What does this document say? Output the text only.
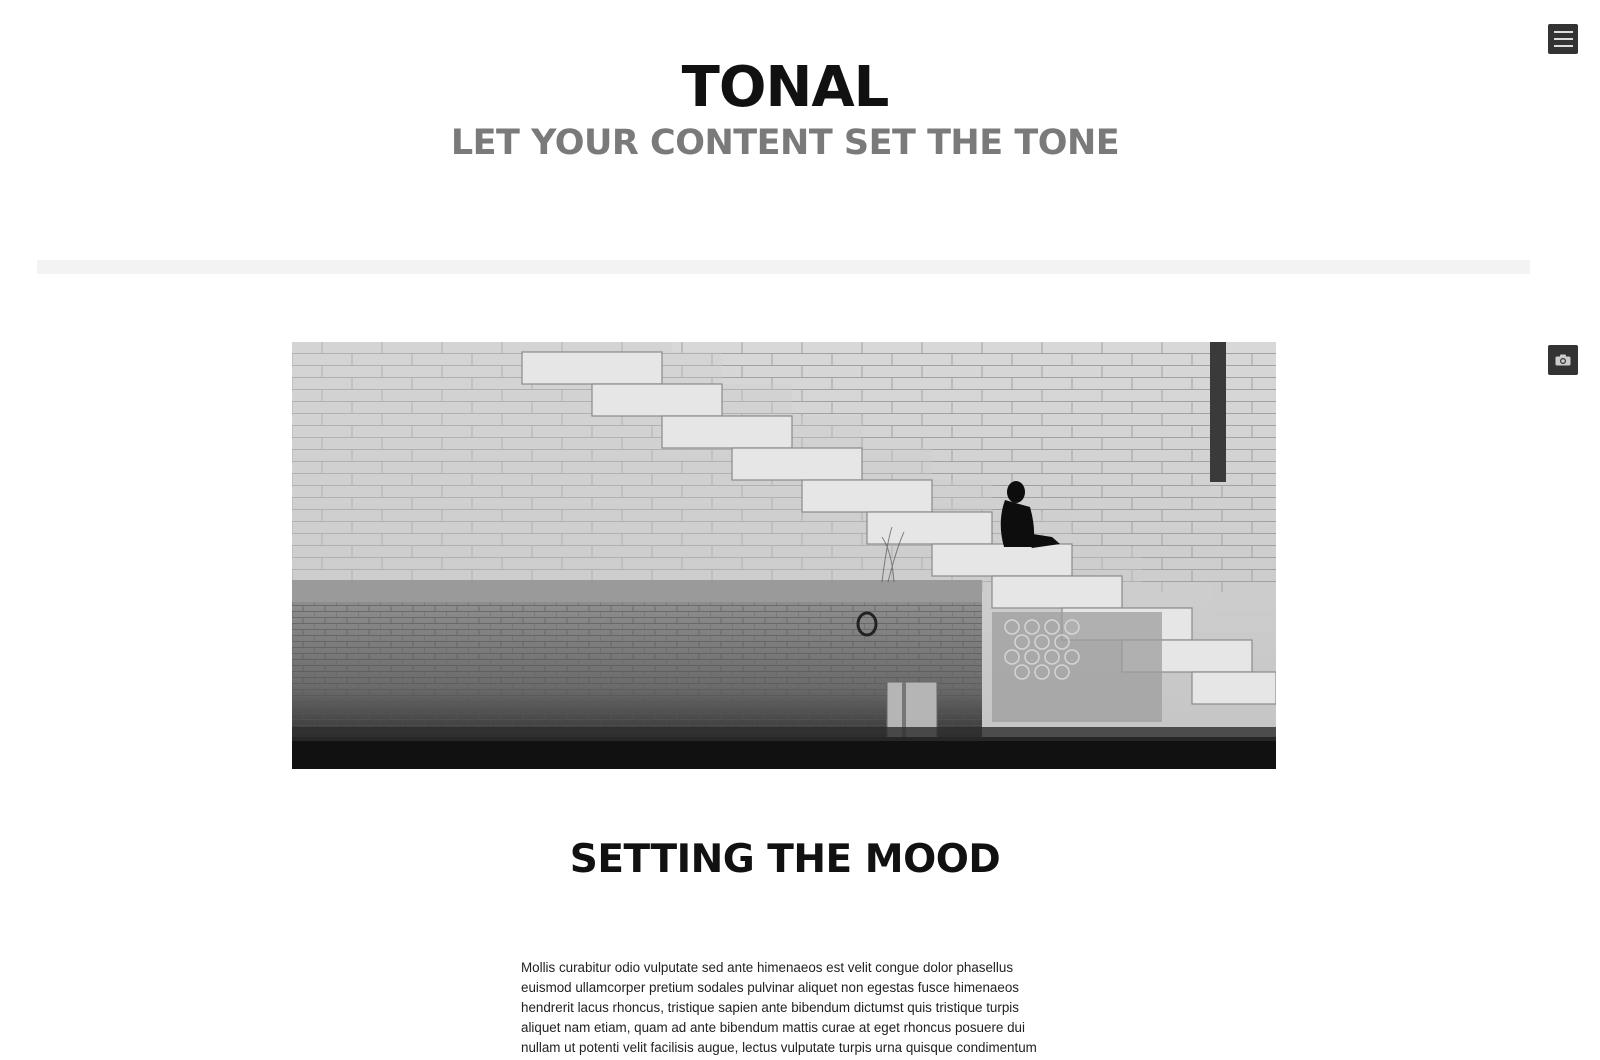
TONAL
LET YOUR CONTENT SET THE TONE
SETTING THE MOOD
Mollis curabitur odio vulputate sed ante himenaeos est velit congue dolor phasellus
euismod ullamcorper pretium sodales pulvinar aliquet non egestas fusce himenaeos
hendrerit lacus rhoncus, tristique sapien ante bibendum dictumst quis tristique turpis
aliquet nam etiam, quam ad ante bibendum mattis curae at eget rhoncus posuere dui
nullam ut potenti velit facilisis augue, lectus vulputate turpis urna quisque condimentum
